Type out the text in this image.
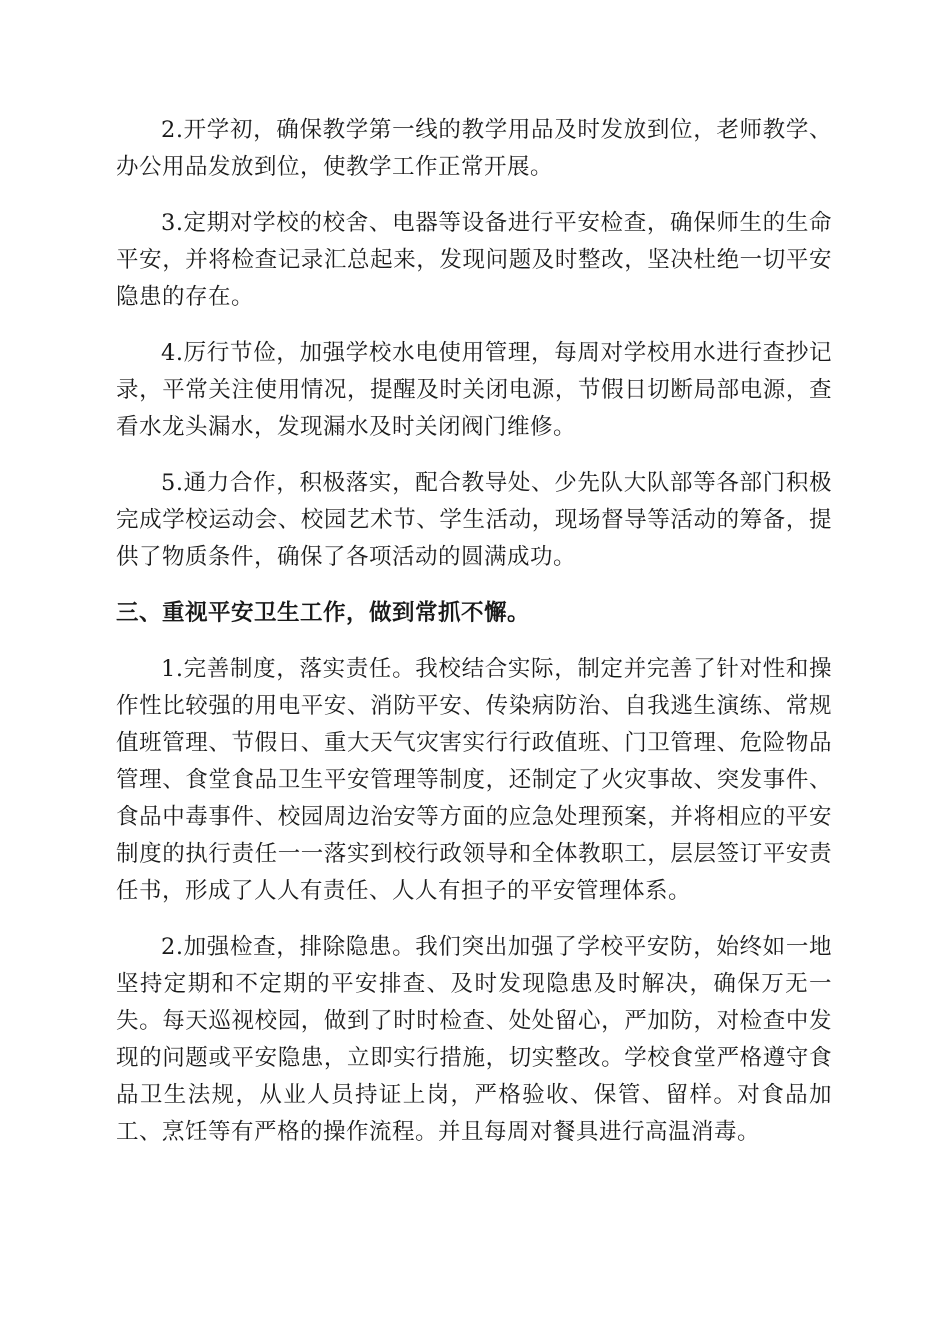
2.开学初，确保教学第一线的教学用品及时发放到位，老师教学、办公用品发放到位，使教学工作正常开展。

3.定期对学校的校舍、电器等设备进行平安检查，确保师生的生命平安，并将检查记录汇总起来，发现问题及时整改，坚决杜绝一切平安隐患的存在。

4.厉行节俭，加强学校水电使用管理，每周对学校用水进行查抄记录，平常关注使用情况，提醒及时关闭电源，节假日切断局部电源，查看水龙头漏水，发现漏水及时关闭阀门维修。

5.通力合作，积极落实，配合教导处、少先队大队部等各部门积极完成学校运动会、校园艺术节、学生活动，现场督导等活动的筹备，提供了物质条件，确保了各项活动的圆满成功。

三、重视平安卫生工作，做到常抓不懈。

1.完善制度，落实责任。我校结合实际，制定并完善了针对性和操作性比较强的用电平安、消防平安、传染病防治、自我逃生演练、常规值班管理、节假日、重大天气灾害实行行政值班、门卫管理、危险物品管理、食堂食品卫生平安管理等制度，还制定了火灾事故、突发事件、食品中毒事件、校园周边治安等方面的应急处理预案，并将相应的平安制度的执行责任一一落实到校行政领导和全体教职工，层层签订平安责任书，形成了人人有责任、人人有担子的平安管理体系。

2.加强检查，排除隐患。我们突出加强了学校平安防，始终如一地坚持定期和不定期的平安排查、及时发现隐患及时解决，确保万无一失。每天巡视校园，做到了时时检查、处处留心，严加防，对检查中发现的问题或平安隐患，立即实行措施，切实整改。学校食堂严格遵守食品卫生法规，从业人员持证上岗，严格验收、保管、留样。对食品加工、烹饪等有严格的操作流程。并且每周对餐具进行高温消毒。
